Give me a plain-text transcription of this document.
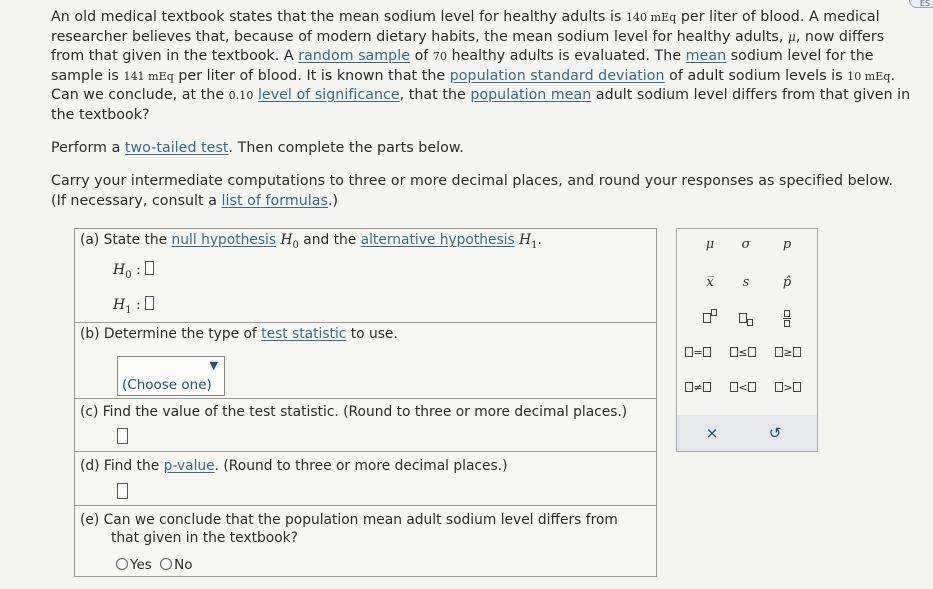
ES
An old medical textbook states that the mean sodium level for healthy adults is 140 mEq per liter of blood. A medical researcher believes that, because of modern dietary habits, the mean sodium level for healthy adults, μ, now differs from that given in the textbook. A random sample of 70 healthy adults is evaluated. The mean sodium level for the sample is 141 mEq per liter of blood. It is known that the population standard deviation of adult sodium levels is 10 mEq. Can we conclude, at the 0.10 level of significance, that the population mean adult sodium level differs from that given in the textbook?
Perform a two-tailed test. Then complete the parts below.
Carry your intermediate computations to three or more decimal places, and round your responses as specified below. (If necessary, consult a list of formulas.)
(a) State the null hypothesis $H_0$ and the alternative hypothesis $H_1$.
$H_0$ :
$H_1$ :
(b) Determine the type of test statistic to use.
▼
(Choose one)
(c) Find the value of the test statistic. (Round to three or more decimal places.)
(d) Find the p-value. (Round to three or more decimal places.)
(e) Can we conclude that the population mean adult sodium level differs from
that given in the textbook?
Yes No
μ	σ	p
x̅	s	p̂
=	≤	≥
≠	<	>
×	↺
